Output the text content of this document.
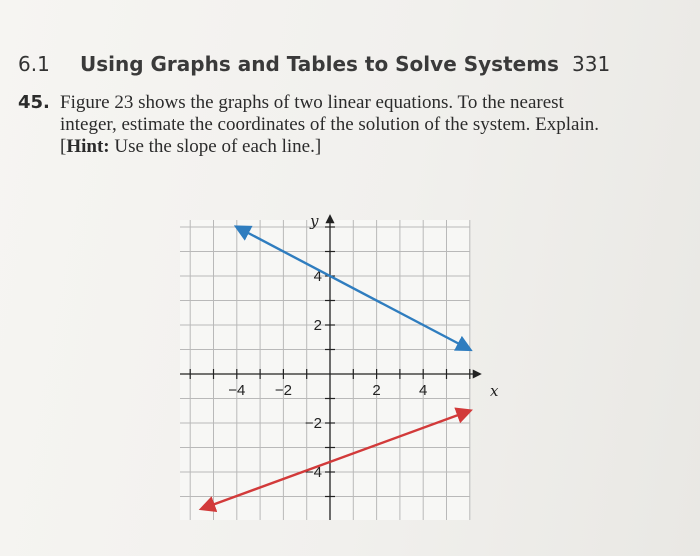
6.1 Using Graphs and Tables to Solve Systems 331
45. Figure 23 shows the graphs of two linear equations. To the nearest integer, estimate the coordinates of the solution of the system. Explain. [Hint: Use the slope of each line.]
x
y
−4 −2	2	4
4
2
−2
−4
